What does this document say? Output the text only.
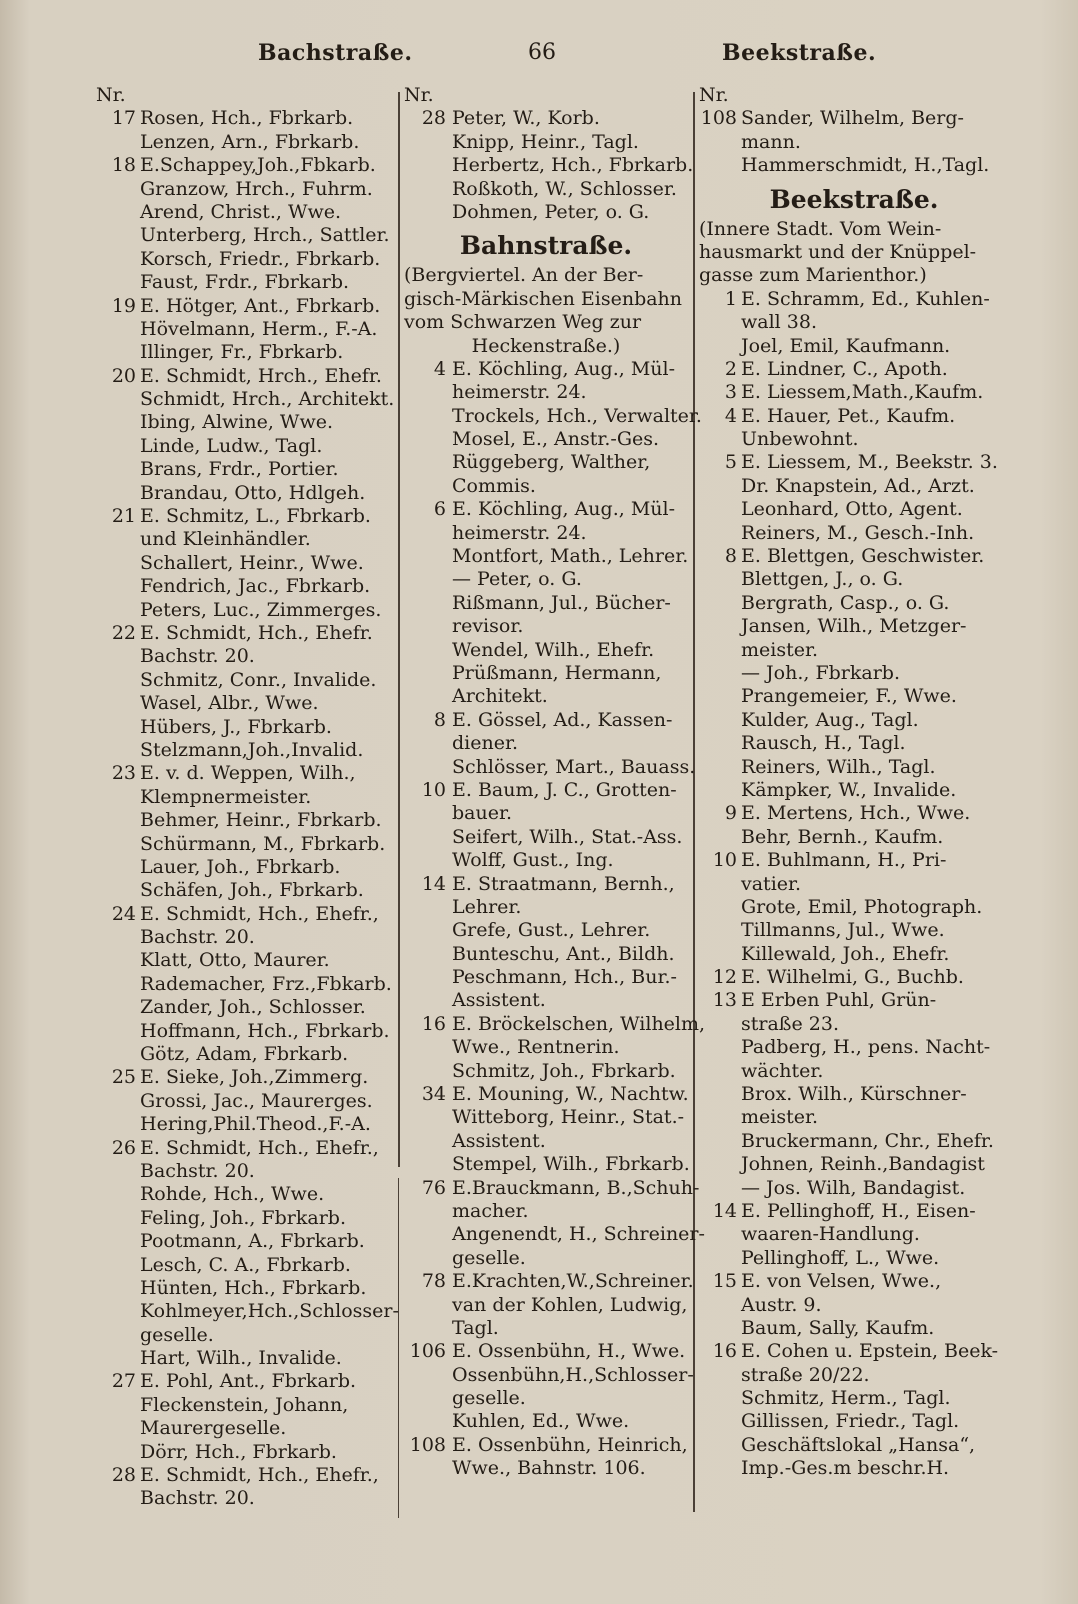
Bachstraße.	66	Beekstraße.
Nr.
17 Rosen, Hch., Fbrkarb.
Lenzen, Arn., Fbrkarb.
18 E.Schappey,Joh.,Fbkarb.
Granzow, Hrch., Fuhrm.
Arend, Christ., Wwe.
Unterberg, Hrch., Sattler.
Korsch, Friedr., Fbrkarb.
Faust, Frdr., Fbrkarb.
19 E. Hötger, Ant., Fbrkarb.
Hövelmann, Herm., F.-A.
Illinger, Fr., Fbrkarb.
20 E. Schmidt, Hrch., Ehefr.
Schmidt, Hrch., Architekt.
Ibing, Alwine, Wwe.
Linde, Ludw., Tagl.
Brans, Frdr., Portier.
Brandau, Otto, Hdlgeh.
21 E. Schmitz, L., Fbrkarb.
und Kleinhändler.
Schallert, Heinr., Wwe.
Fendrich, Jac., Fbrkarb.
Peters, Luc., Zimmerges.
22 E. Schmidt, Hch., Ehefr.
Bachstr. 20.
Schmitz, Conr., Invalide.
Wasel, Albr., Wwe.
Hübers, J., Fbrkarb.
Stelzmann,Joh.,Invalid.
23 E. v. d. Weppen, Wilh.,
Klempnermeister.
Behmer, Heinr., Fbrkarb.
Schürmann, M., Fbrkarb.
Lauer, Joh., Fbrkarb.
Schäfen, Joh., Fbrkarb.
24 E. Schmidt, Hch., Ehefr.,
Bachstr. 20.
Klatt, Otto, Maurer.
Rademacher, Frz.,Fbkarb.
Zander, Joh., Schlosser.
Hoffmann, Hch., Fbrkarb.
Götz, Adam, Fbrkarb.
25 E. Sieke, Joh.,Zimmerg.
Grossi, Jac., Maurerges.
Hering,Phil.Theod.,F.-A.
26 E. Schmidt, Hch., Ehefr.,
Bachstr. 20.
Rohde, Hch., Wwe.
Feling, Joh., Fbrkarb.
Pootmann, A., Fbrkarb.
Lesch, C. A., Fbrkarb.
Hünten, Hch., Fbrkarb.
Kohlmeyer,Hch.,Schlosser-
geselle.
Hart, Wilh., Invalide.
27 E. Pohl, Ant., Fbrkarb.
Fleckenstein, Johann,
Maurergeselle.
Dörr, Hch., Fbrkarb.
28 E. Schmidt, Hch., Ehefr.,
Bachstr. 20.
Nr.
28 Peter, W., Korb.
Knipp, Heinr., Tagl.
Herbertz, Hch., Fbrkarb.
Roßkoth, W., Schlosser.
Dohmen, Peter, o. G.
Bahnstraße.
(Bergviertel. An der Ber-
gisch-Märkischen Eisenbahn
vom Schwarzen Weg zur
Heckenstraße.)
4 E. Köchling, Aug., Mül-
heimerstr. 24.
Trockels, Hch., Verwalter.
Mosel, E., Anstr.-Ges.
Rüggeberg, Walther,
Commis.
6 E. Köchling, Aug., Mül-
heimerstr. 24.
Montfort, Math., Lehrer.
— Peter, o. G.
Rißmann, Jul., Bücher-
revisor.
Wendel, Wilh., Ehefr.
Prüßmann, Hermann,
Architekt.
8 E. Gössel, Ad., Kassen-
diener.
Schlösser, Mart., Bauass.
10 E. Baum, J. C., Grotten-
bauer.
Seifert, Wilh., Stat.-Ass.
Wolff, Gust., Ing.
14 E. Straatmann, Bernh.,
Lehrer.
Grefe, Gust., Lehrer.
Bunteschu, Ant., Bildh.
Peschmann, Hch., Bur.-
Assistent.
16 E. Bröckelschen, Wilhelm,
Wwe., Rentnerin.
Schmitz, Joh., Fbrkarb.
34 E. Mouning, W., Nachtw.
Witteborg, Heinr., Stat.-
Assistent.
Stempel, Wilh., Fbrkarb.
76 E.Brauckmann, B.,Schuh-
macher.
Angenendt, H., Schreiner-
geselle.
78 E.Krachten,W.,Schreiner.
van der Kohlen, Ludwig,
Tagl.
106 E. Ossenbühn, H., Wwe.
Ossenbühn,H.,Schlosser-
geselle.
Kuhlen, Ed., Wwe.
108 E. Ossenbühn, Heinrich,
Wwe., Bahnstr. 106.
Nr.
108 Sander, Wilhelm, Berg-
mann.
Hammerschmidt, H.,Tagl.
Beekstraße.
(Innere Stadt. Vom Wein-
hausmarkt und der Knüppel-
gasse zum Marienthor.)
1 E. Schramm, Ed., Kuhlen-
wall 38.
Joel, Emil, Kaufmann.
2 E. Lindner, C., Apoth.
3 E. Liessem,Math.,Kaufm.
4 E. Hauer, Pet., Kaufm.
Unbewohnt.
5 E. Liessem, M., Beekstr. 3.
Dr. Knapstein, Ad., Arzt.
Leonhard, Otto, Agent.
Reiners, M., Gesch.-Inh.
8 E. Blettgen, Geschwister.
Blettgen, J., o. G.
Bergrath, Casp., o. G.
Jansen, Wilh., Metzger-
meister.
— Joh., Fbrkarb.
Prangemeier, F., Wwe.
Kulder, Aug., Tagl.
Rausch, H., Tagl.
Reiners, Wilh., Tagl.
Kämpker, W., Invalide.
9 E. Mertens, Hch., Wwe.
Behr, Bernh., Kaufm.
10 E. Buhlmann, H., Pri-
vatier.
Grote, Emil, Photograph.
Tillmanns, Jul., Wwe.
Killewald, Joh., Ehefr.
12 E. Wilhelmi, G., Buchb.
13 E Erben Puhl, Grün-
straße 23.
Padberg, H., pens. Nacht-
wächter.
Brox. Wilh., Kürschner-
meister.
Bruckermann, Chr., Ehefr.
Johnen, Reinh.,Bandagist
— Jos. Wilh, Bandagist.
14 E. Pellinghoff, H., Eisen-
waaren-Handlung.
Pellinghoff, L., Wwe.
15 E. von Velsen, Wwe.,
Austr. 9.
Baum, Sally, Kaufm.
16 E. Cohen u. Epstein, Beek-
straße 20/22.
Schmitz, Herm., Tagl.
Gillissen, Friedr., Tagl.
Geschäftslokal „Hansa“,
Imp.-Ges.m beschr.H.
